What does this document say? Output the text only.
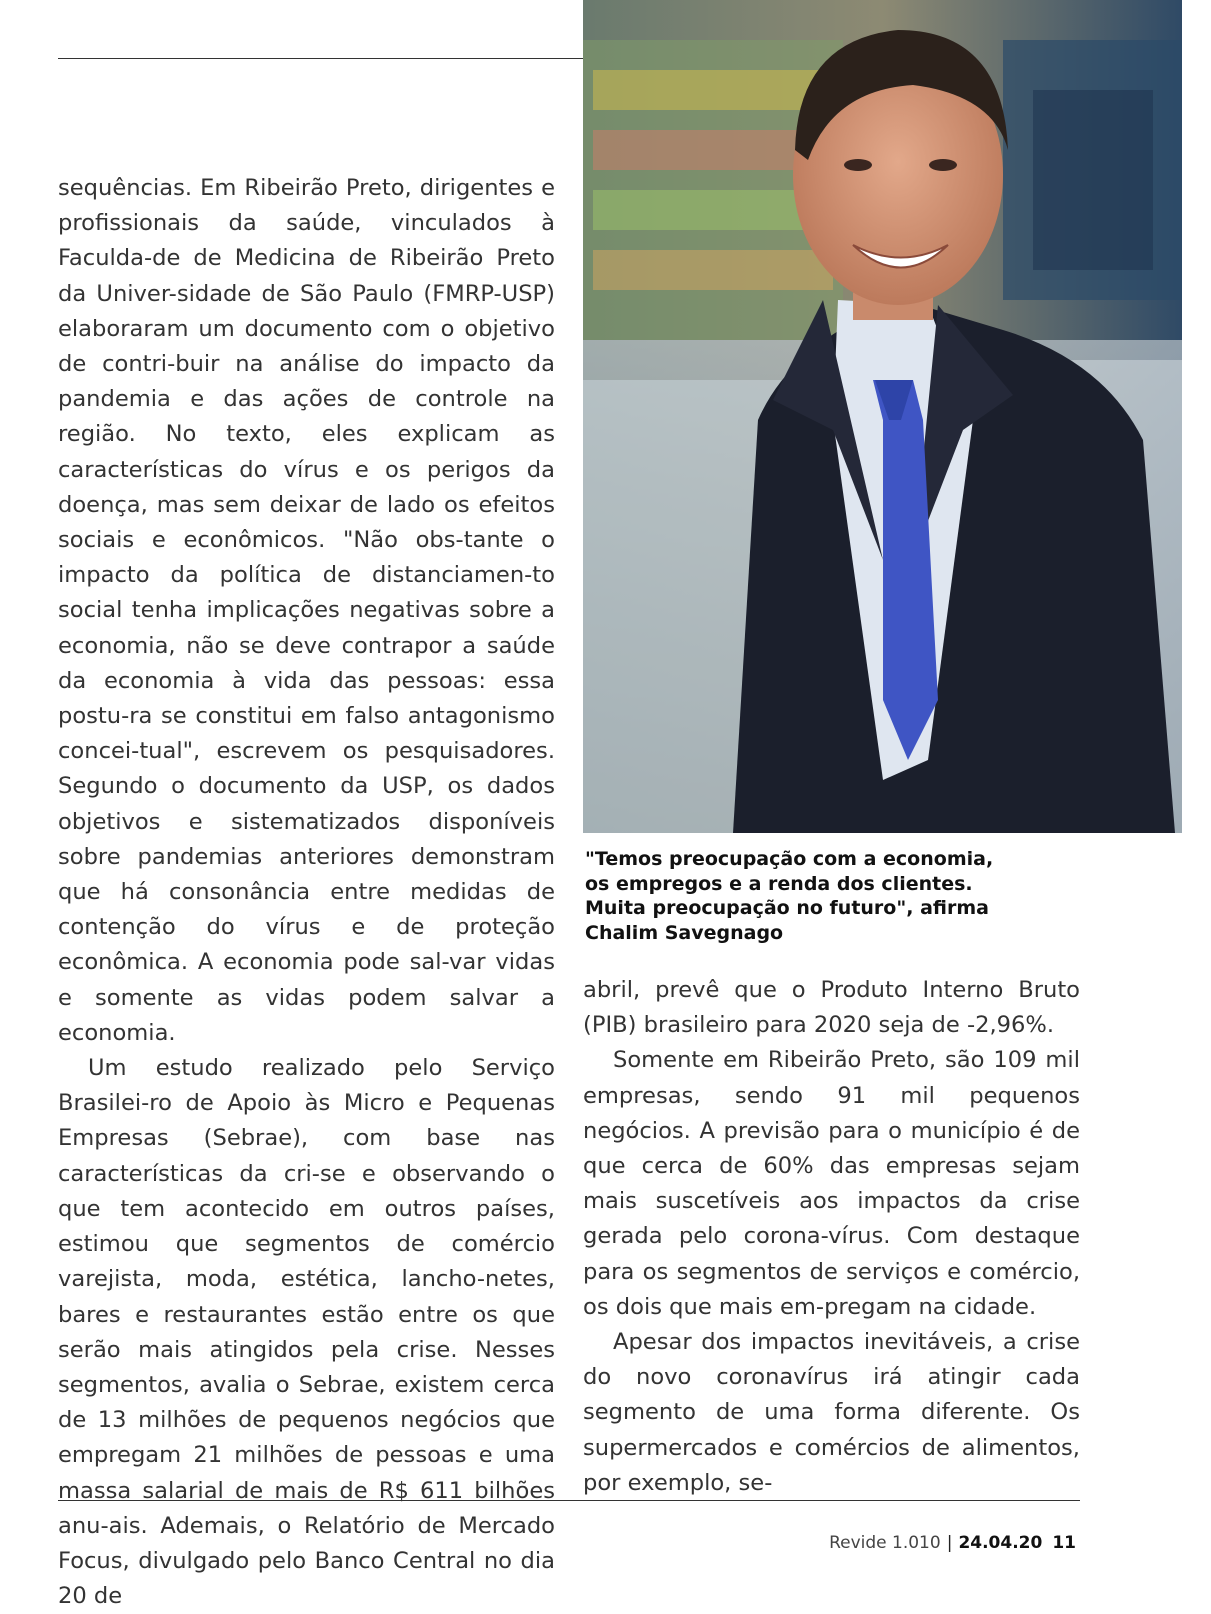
"Temos preocupação com a economia, os empregos e a renda dos clientes. Muita preocupação no futuro", afirma Chalim Savegnago

sequências. Em Ribeirão Preto, dirigentes e profissionais da saúde, vinculados à Faculda-de de Medicina de Ribeirão Preto da Univer-sidade de São Paulo (FMRP-USP) elaboraram um documento com o objetivo de contri-buir na análise do impacto da pandemia e das ações de controle na região. No texto, eles explicam as características do vírus e os perigos da doença, mas sem deixar de lado os efeitos sociais e econômicos. "Não obs-tante o impacto da política de distanciamen-to social tenha implicações negativas sobre a economia, não se deve contrapor a saúde da economia à vida das pessoas: essa postu-ra se constitui em falso antagonismo concei-tual", escrevem os pesquisadores. Segundo o documento da USP, os dados objetivos e sistematizados disponíveis sobre pandemias anteriores demonstram que há consonância entre medidas de contenção do vírus e de proteção econômica. A economia pode sal-var vidas e somente as vidas podem salvar a economia.

Um estudo realizado pelo Serviço Brasilei-ro de Apoio às Micro e Pequenas Empresas (Sebrae), com base nas características da cri-se e observando o que tem acontecido em outros países, estimou que segmentos de comércio varejista, moda, estética, lancho-netes, bares e restaurantes estão entre os que serão mais atingidos pela crise. Nesses segmentos, avalia o Sebrae, existem cerca de 13 milhões de pequenos negócios que empregam 21 milhões de pessoas e uma massa salarial de mais de R$ 611 bilhões anu-ais. Ademais, o Relatório de Mercado Focus, divulgado pelo Banco Central no dia 20 de

abril, prevê que o Produto Interno Bruto (PIB) brasileiro para 2020 seja de -2,96%.

Somente em Ribeirão Preto, são 109 mil empresas, sendo 91 mil pequenos negócios. A previsão para o município é de que cerca de 60% das empresas sejam mais suscetíveis aos impactos da crise gerada pelo corona-vírus. Com destaque para os segmentos de serviços e comércio, os dois que mais em-pregam na cidade.

Apesar dos impactos inevitáveis, a crise do novo coronavírus irá atingir cada segmento de uma forma diferente. Os supermercados e comércios de alimentos, por exemplo, se-

Revide 1.010 | 24.04.20 11
